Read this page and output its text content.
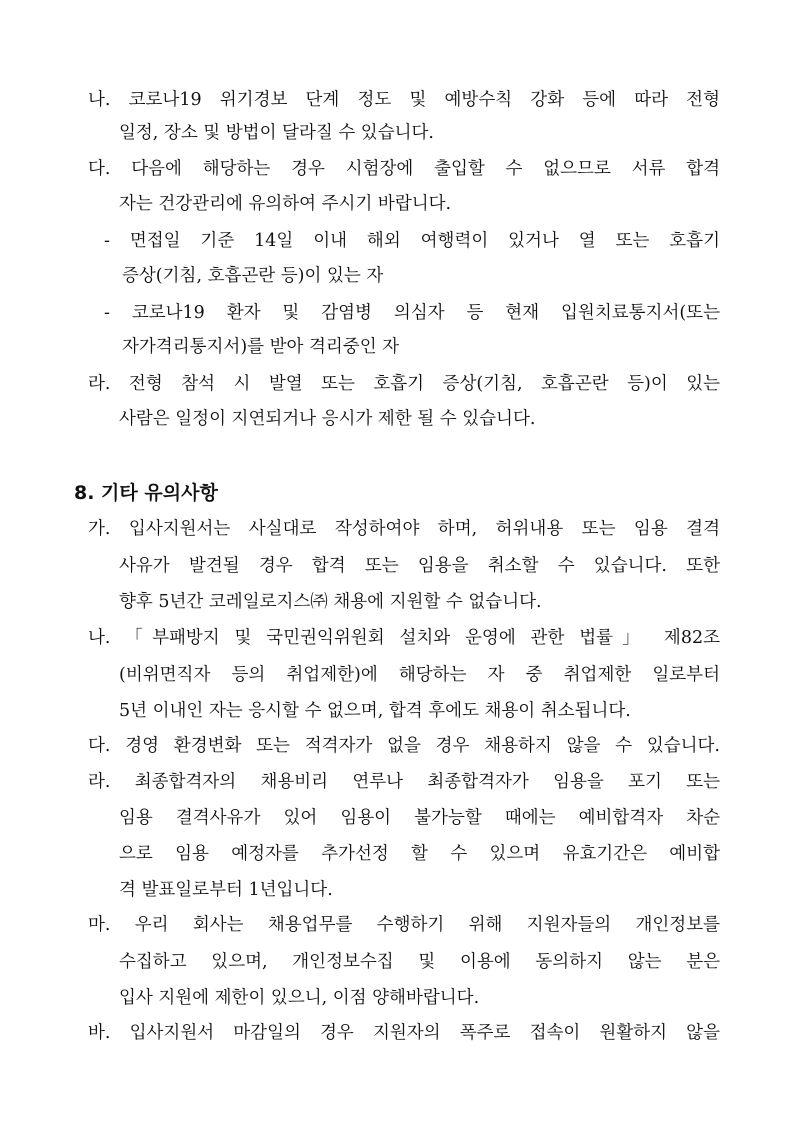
나. 코로나19 위기경보 단계 정도 및 예방수칙 강화 등에 따라 전형
일정, 장소 및 방법이 달라질 수 있습니다.
다. 다음에 해당하는 경우 시험장에 출입할 수 없으므로 서류 합격
자는 건강관리에 유의하여 주시기 바랍니다.
- 면접일 기준 14일 이내 해외 여행력이 있거나 열 또는 호흡기
증상(기침, 호흡곤란 등)이 있는 자
- 코로나19 환자 및 감염병 의심자 등 현재 입원치료통지서(또는
자가격리통지서)를 받아 격리중인 자
라. 전형 참석 시 발열 또는 호흡기 증상(기침, 호흡곤란 등)이 있는
사람은 일정이 지연되거나 응시가 제한 될 수 있습니다.
8. 기타 유의사항
가. 입사지원서는 사실대로 작성하여야 하며, 허위내용 또는 임용 결격
사유가 발견될 경우 합격 또는 임용을 취소할 수 있습니다. 또한
향후 5년간 코레일로지스㈜ 채용에 지원할 수 없습니다.
나. 「부패방지 및 국민권익위원회 설치와 운영에 관한 법률」 제82조
(비위면직자 등의 취업제한)에 해당하는 자 중 취업제한 일로부터
5년 이내인 자는 응시할 수 없으며, 합격 후에도 채용이 취소됩니다.
다. 경영 환경변화 또는 적격자가 없을 경우 채용하지 않을 수 있습니다.
라. 최종합격자의 채용비리 연루나 최종합격자가 임용을 포기 또는
임용 결격사유가 있어 임용이 불가능할 때에는 예비합격자 차순
으로 임용 예정자를 추가선정 할 수 있으며 유효기간은 예비합
격 발표일로부터 1년입니다.
마. 우리 회사는 채용업무를 수행하기 위해 지원자들의 개인정보를
수집하고 있으며, 개인정보수집 및 이용에 동의하지 않는 분은
입사 지원에 제한이 있으니, 이점 양해바랍니다.
바. 입사지원서 마감일의 경우 지원자의 폭주로 접속이 원활하지 않을
